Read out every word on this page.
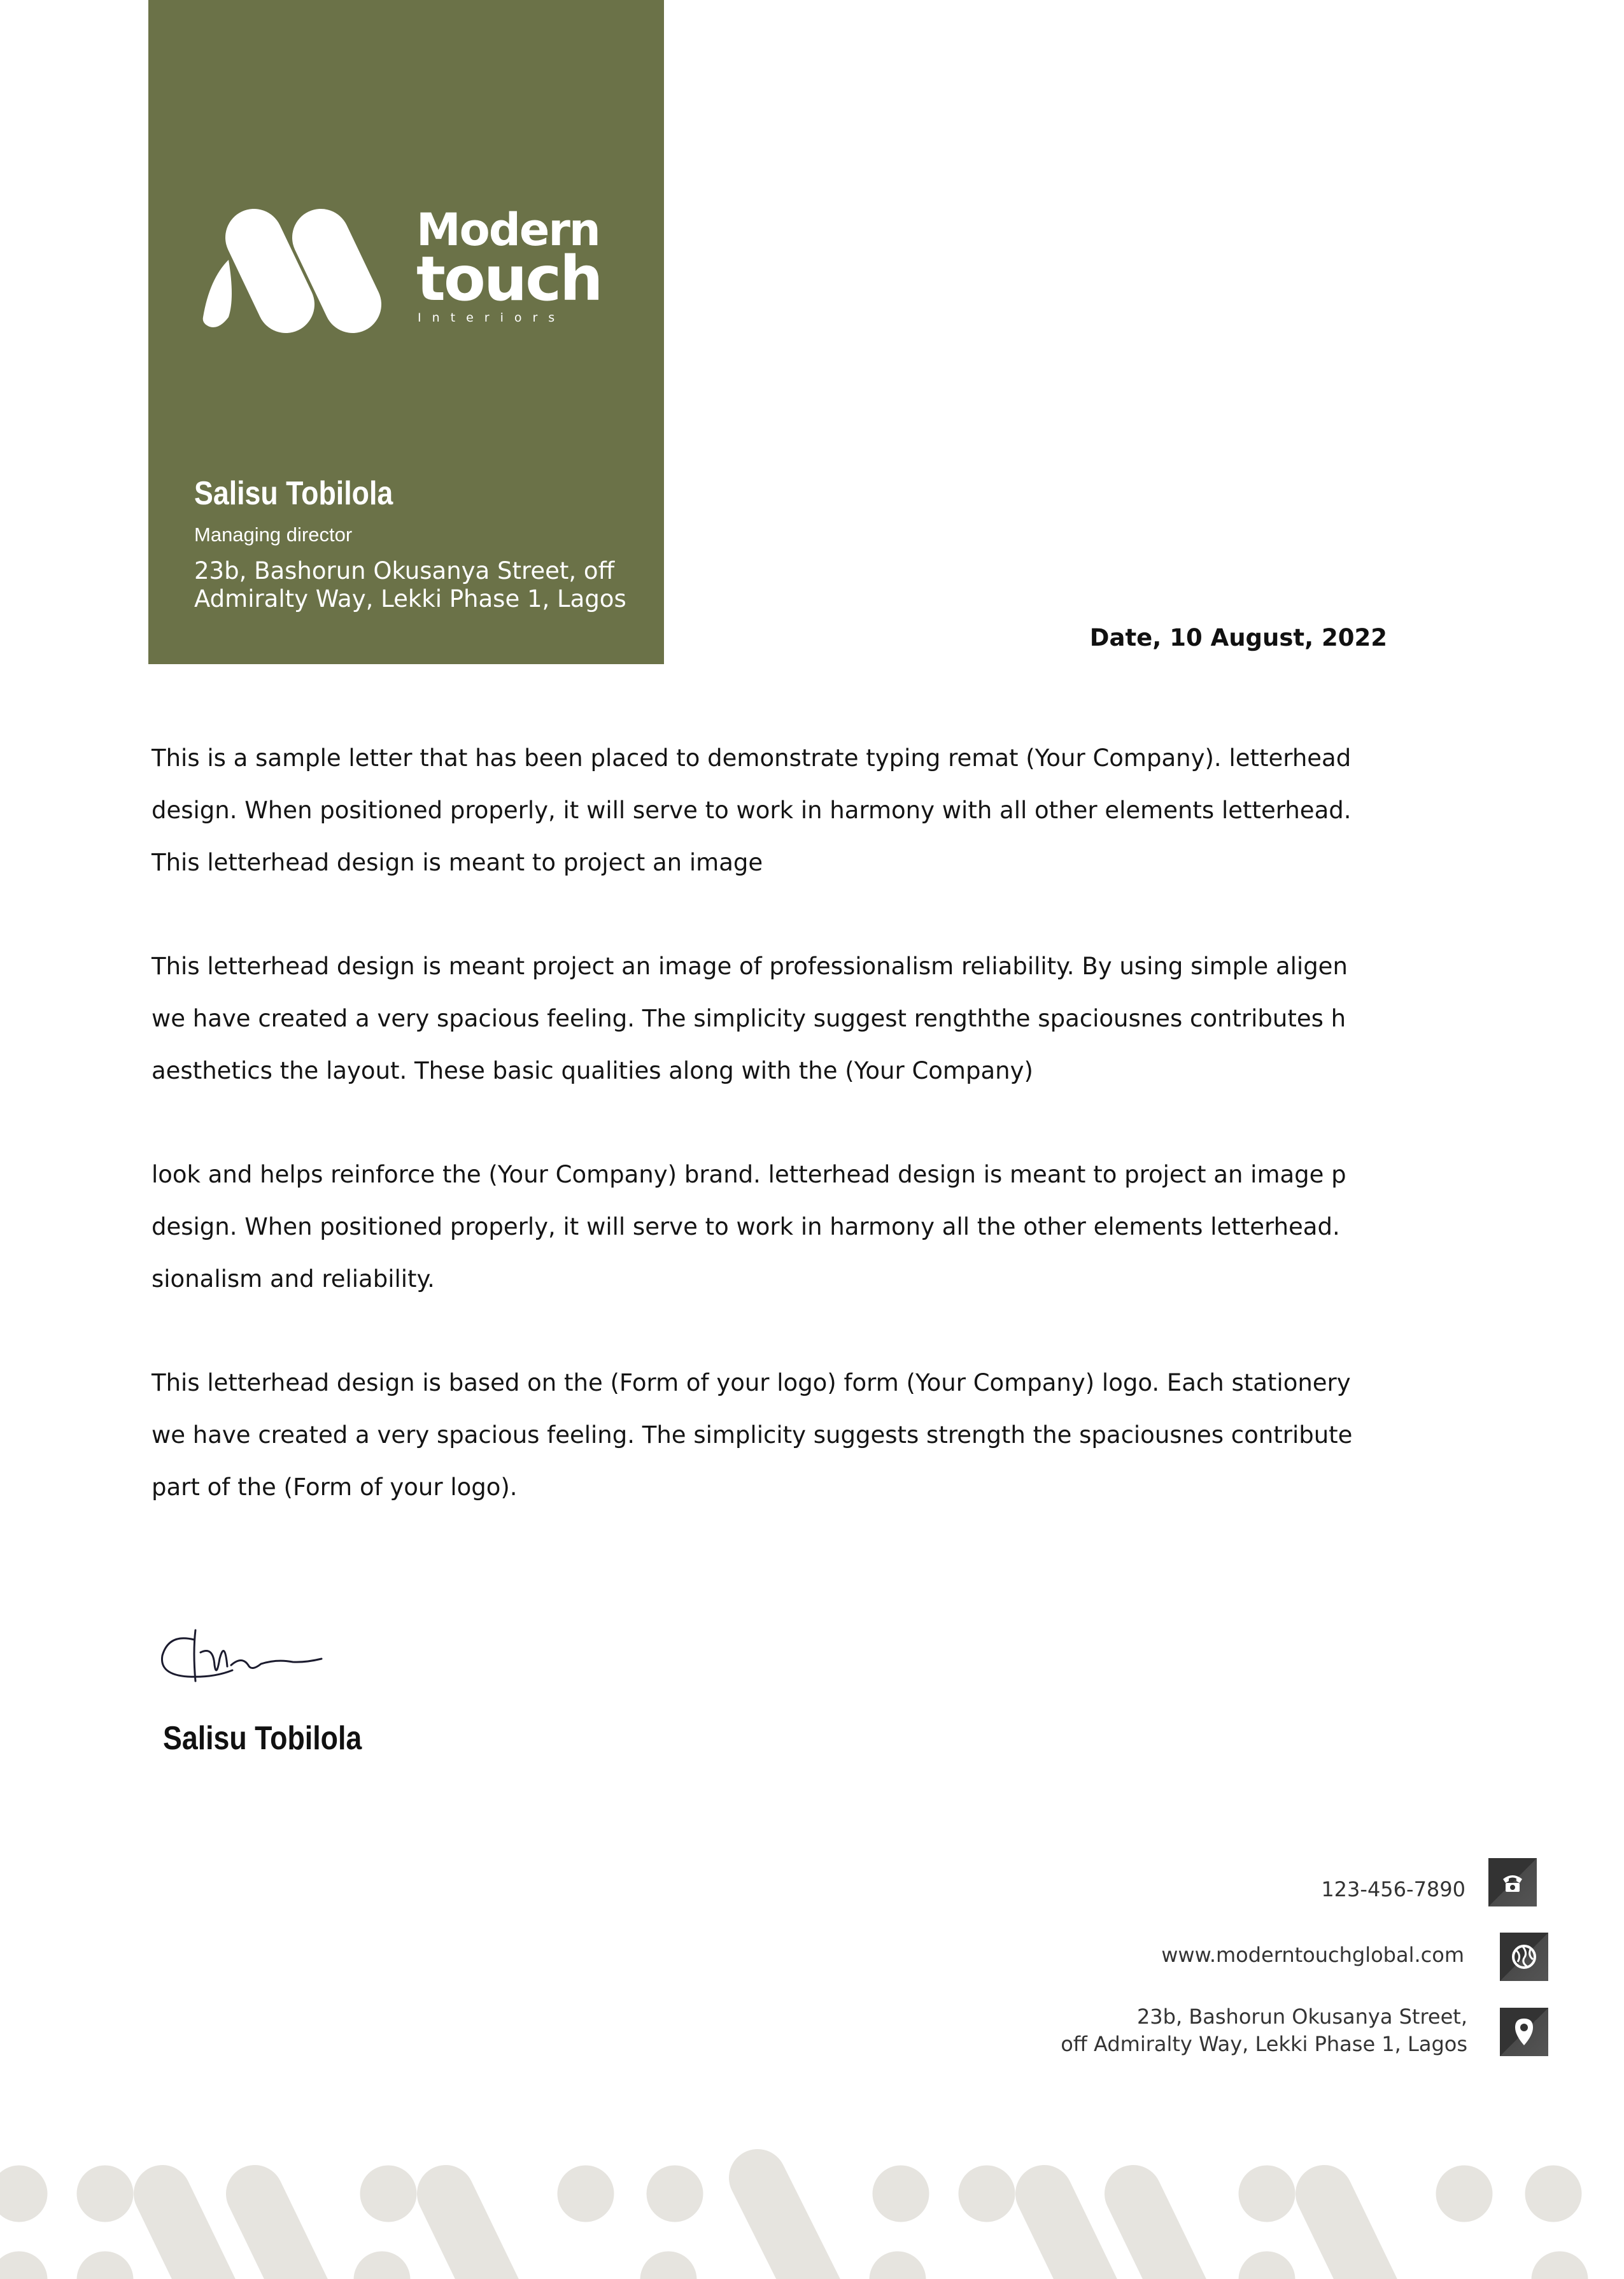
Modern
touch
Interiors
Salisu Tobilola
Managing director
23b, Bashorun Okusanya Street, off
Admiralty Way, Lekki Phase 1, Lagos
Date, 10 August, 2022
This is a sample letter that has been placed to demonstrate typing remat (Your Company). letterhead
design. When positioned properly, it will serve to work in harmony with all other elements letterhead.
This letterhead design is meant to project an image
This letterhead design is meant project an image of professionalism reliability. By using simple aligen
we have created a very spacious feeling. The simplicity suggest rengththe spaciousnes contributes h
aesthetics the layout. These basic qualities along with the (Your Company)
look and helps reinforce the (Your Company) brand. letterhead design is meant to project an image p
design. When positioned properly, it will serve to work in harmony all the other elements letterhead.
sionalism and reliability.
This letterhead design is based on the (Form of your logo) form (Your Company) logo. Each stationery
we have created a very spacious feeling. The simplicity suggests strength the spaciousnes contribute
part of the (Form of your logo).
Salisu Tobilola
123-456-7890
www.moderntouchglobal.com
23b, Bashorun Okusanya Street,
off Admiralty Way, Lekki Phase 1, Lagos
